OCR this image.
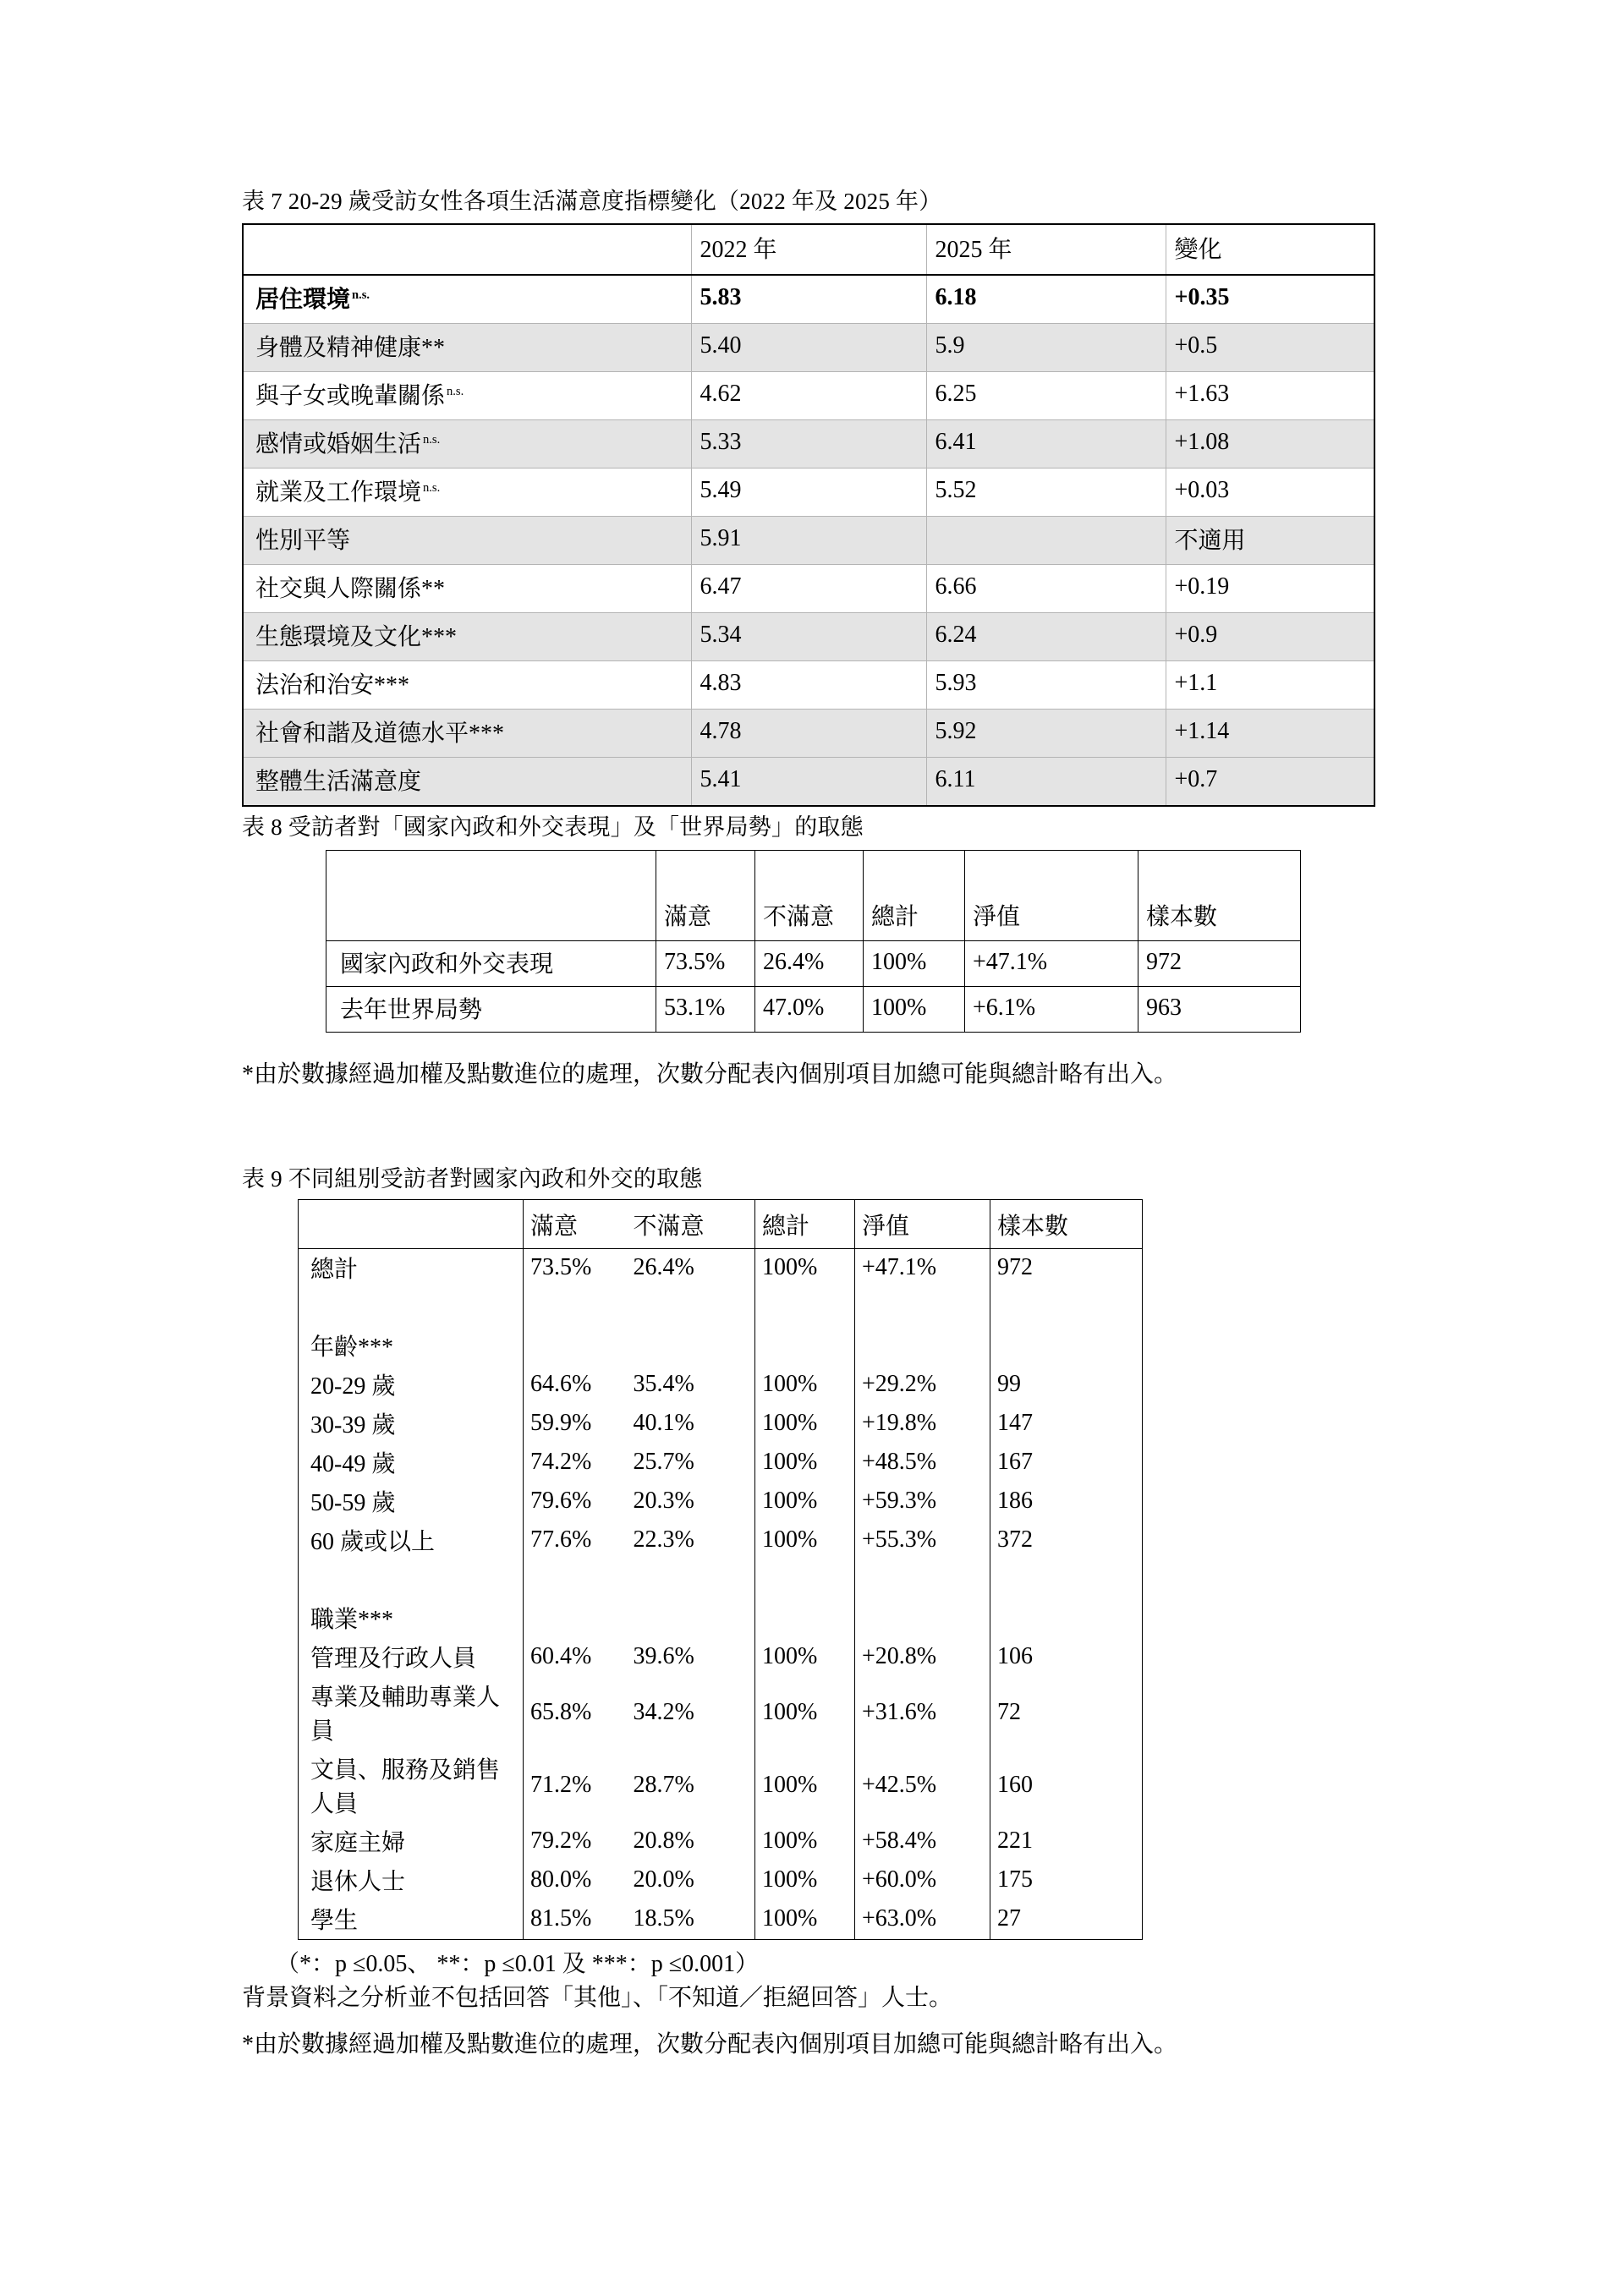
表 7 20-29 歲受訪女性各項生活滿意度指標變化（2022 年及 2025 年）
	2022 年	2025 年	變化
居住環境 $^{n.s.}$	5.83	6.18	+0.35
身體及精神健康**	5.40	5.9	+0.5
與子女或晚輩關係 $^{n.s.}$	4.62	6.25	+1.63
感情或婚姻生活 $^{n.s.}$	5.33	6.41	+1.08
就業及工作環境 $^{n.s.}$	5.49	5.52	+0.03
性別平等	5.91		不適用
社交與人際關係**	6.47	6.66	+0.19
生態環境及文化***	5.34	6.24	+0.9
法治和治安***	4.83	5.93	+1.1
社會和諧及道德水平***	4.78	5.92	+1.14
整體生活滿意度	5.41	6.11	+0.7
表 8 受訪者對「國家內政和外交表現」及「世界局勢」的取態
	滿意	不滿意	總計	淨值	樣本數
國家內政和外交表現	73.5%	26.4%	100%	+47.1%	972
去年世界局勢	53.1%	47.0%	100%	+6.1%	963
*由於數據經過加權及點數進位的處理，次數分配表內個別項目加總可能與總計略有出入。
表 9 不同組別受訪者對國家內政和外交的取態
	滿意	不滿意	總計	淨值	樣本數
總計	73.5%	26.4%	100%	+47.1%	972

年齡***					
20-29 歲	64.6%	35.4%	100%	+29.2%	99
30-39 歲	59.9%	40.1%	100%	+19.8%	147
40-49 歲	74.2%	25.7%	100%	+48.5%	167
50-59 歲	79.6%	20.3%	100%	+59.3%	186
60 歲或以上	77.6%	22.3%	100%	+55.3%	372

職業***					
管理及行政人員	60.4%	39.6%	100%	+20.8%	106
專業及輔助專業人員	65.8%	34.2%	100%	+31.6%	72
文員、服務及銷售人員	71.2%	28.7%	100%	+42.5%	160
家庭主婦	79.2%	20.8%	100%	+58.4%	221
退休人士	80.0%	20.0%	100%	+60.0%	175
學生	81.5%	18.5%	100%	+63.0%	27
（*：p ≤0.05、 **：p ≤0.01 及 ***：p ≤0.001）
背景資料之分析並不包括回答「其他」、「不知道／拒絕回答」人士。
*由於數據經過加權及點數進位的處理，次數分配表內個別項目加總可能與總計略有出入。
